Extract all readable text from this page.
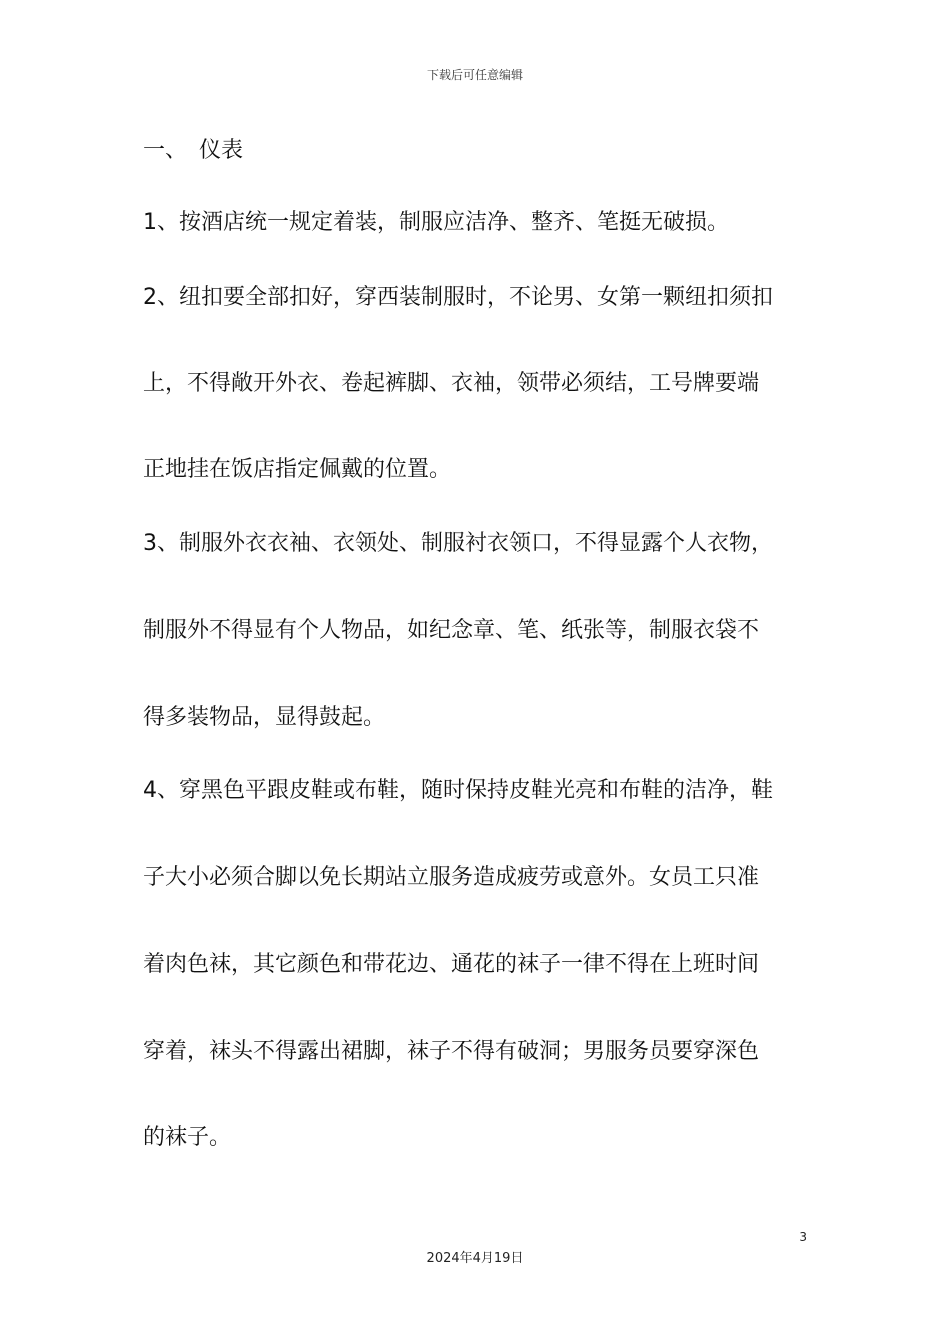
下载后可任意编辑
一、 仪表
1、按酒店统一规定着装，制服应洁净、整齐、笔挺无破损。
2、纽扣要全部扣好，穿西装制服时，不论男、女第一颗纽扣须扣
上，不得敞开外衣、卷起裤脚、衣袖，领带必须结，工号牌要端
正地挂在饭店指定佩戴的位置。
3、制服外衣衣袖、衣领处、制服衬衣领口，不得显露个人衣物，
制服外不得显有个人物品，如纪念章、笔、纸张等，制服衣袋不
得多装物品，显得鼓起。
4、穿黑色平跟皮鞋或布鞋，随时保持皮鞋光亮和布鞋的洁净，鞋
子大小必须合脚以免长期站立服务造成疲劳或意外。女员工只准
着肉色袜，其它颜色和带花边、通花的袜子一律不得在上班时间
穿着，袜头不得露出裙脚，袜子不得有破洞；男服务员要穿深色
的袜子。
3
2024年4月19日
